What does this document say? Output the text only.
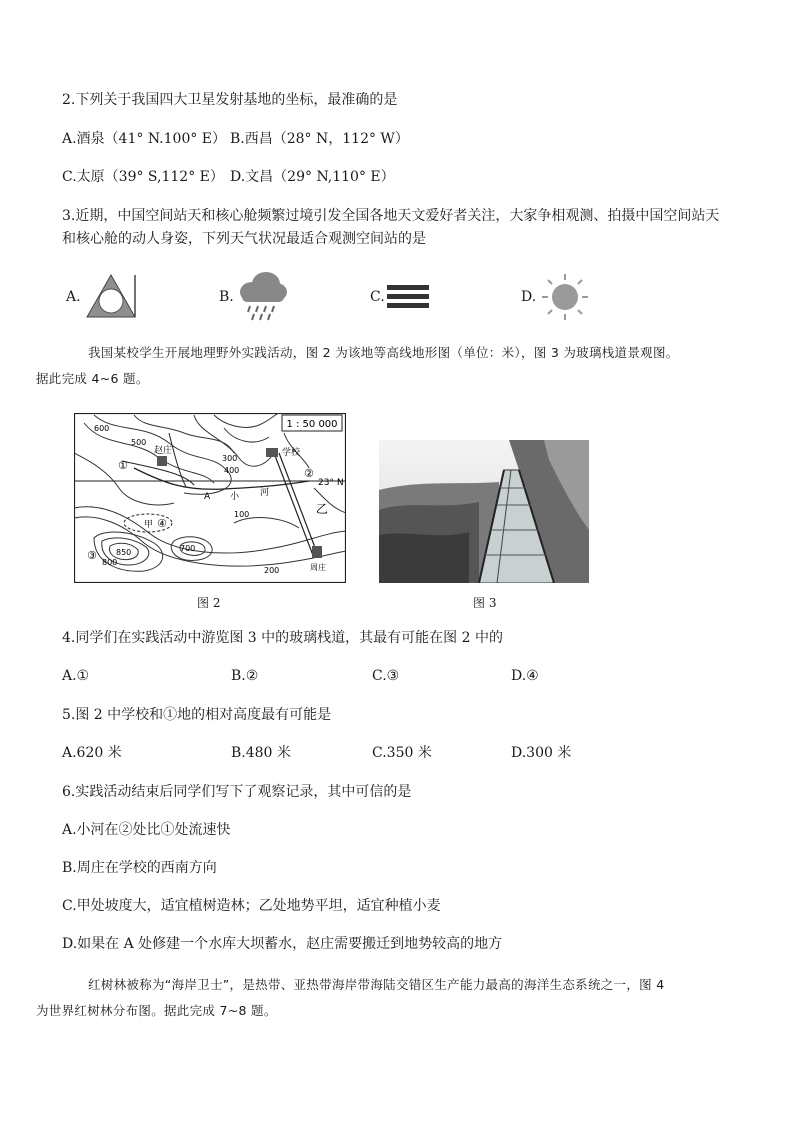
2.下列关于我国四大卫星发射基地的坐标，最准确的是
A.酒泉（41° N.100° E） B.西昌（28° N，112° W）
C.太原（39° S,112° E） D.文昌（29° N,110° E）
3.近期，中国空间站天和核心舱频繁过境引发全国各地天文爱好者关注，大家争相观测、拍摄中国空间站天
和核心舱的动人身姿，下列天气状况最适合观测空间站的是
A.	B.	C.	D.
我国某校学生开展地理野外实践活动，图 2 为该地等高线地形图（单位：米），图 3 为玻璃栈道景观图。
据此完成 4~6 题。
1 : 50 000
赵庄	学校
周庄
A 小 河
甲
乙
23° N
①
②
③
④
600
500
400
300
200
100
850
800
700
图 2	图 3
4.同学们在实践活动中游览图 3 中的玻璃栈道，其最有可能在图 2 中的
A.①	B.②	C.③	D.④
5.图 2 中学校和①地的相对高度最有可能是
A.620 米	B.480 米	C.350 米	D.300 米
6.实践活动结束后同学们写下了观察记录，其中可信的是
A.小河在②处比①处流速快
B.周庄在学校的西南方向
C.甲处坡度大，适宜植树造林；乙处地势平坦，适宜种植小麦
D.如果在 A 处修建一个水库大坝蓄水，赵庄需要搬迁到地势较高的地方
红树林被称为“海岸卫士”，是热带、亚热带海岸带海陆交错区生产能力最高的海洋生态系统之一，图 4
为世界红树林分布图。据此完成 7~8 题。
